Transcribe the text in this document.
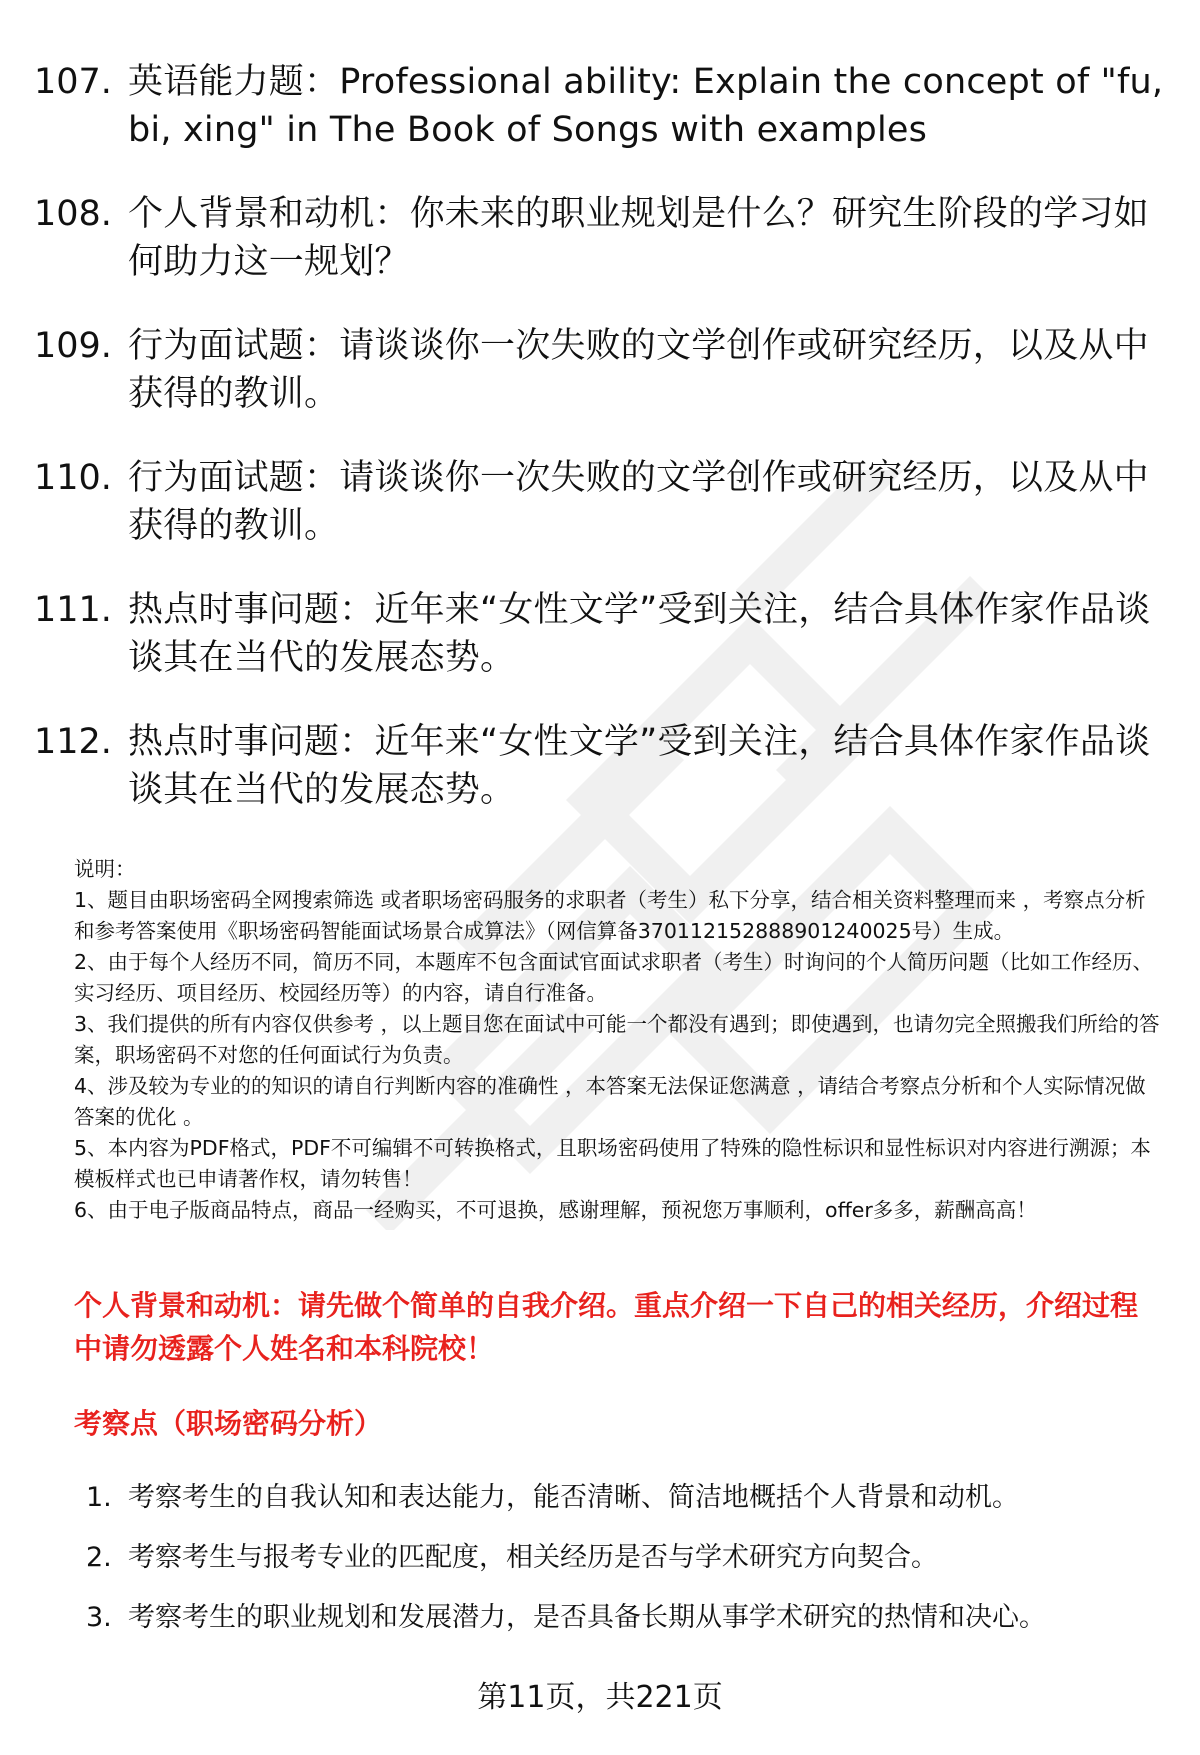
107. 英语能力题：Professional ability: Explain the concept of "fu, bi, xing" in The Book of Songs with examples
108. 个人背景和动机：你未来的职业规划是什么？研究生阶段的学习如何助力这一规划？
109. 行为面试题：请谈谈你一次失败的文学创作或研究经历，以及从中获得的教训。
110. 行为面试题：请谈谈你一次失败的文学创作或研究经历，以及从中获得的教训。
111. 热点时事问题：近年来“女性文学”受到关注，结合具体作家作品谈谈其在当代的发展态势。
112. 热点时事问题：近年来“女性文学”受到关注，结合具体作家作品谈谈其在当代的发展态势。

说明：

1、题目由职场密码全网搜索筛选 或者职场密码服务的求职者（考生）私下分享，结合相关资料整理而来 ，考察点分析和参考答案使用《职场密码智能面试场景合成算法》（网信算备370112152888901240025号）生成。

2、由于每个人经历不同，简历不同，本题库不包含面试官面试求职者（考生）时询问的个人简历问题（比如工作经历、实习经历、项目经历、校园经历等）的内容，请自行准备。

3、我们提供的所有内容仅供参考 ，以上题目您在面试中可能一个都没有遇到；即使遇到，也请勿完全照搬我们所给的答案，职场密码不对您的任何面试行为负责。

4、涉及较为专业的的知识的请自行判断内容的准确性 ，本答案无法保证您满意 ，请结合考察点分析和个人实际情况做答案的优化 。

5、本内容为PDF格式，PDF不可编辑不可转换格式，且职场密码使用了特殊的隐性标识和显性标识对内容进行溯源；本模板样式也已申请著作权，请勿转售！

6、由于电子版商品特点，商品一经购买，不可退换，感谢理解，预祝您万事顺利，offer多多，薪酬高高！

个人背景和动机：请先做个简单的自我介绍。重点介绍一下自己的相关经历，介绍过程中请勿透露个人姓名和本科院校！
考察点（职场密码分析）
1. 考察考生的自我认知和表达能力，能否清晰、简洁地概括个人背景和动机。
2. 考察考生与报考专业的匹配度，相关经历是否与学术研究方向契合。
3. 考察考生的职业规划和发展潜力，是否具备长期从事学术研究的热情和决心。
第11页，共221页
